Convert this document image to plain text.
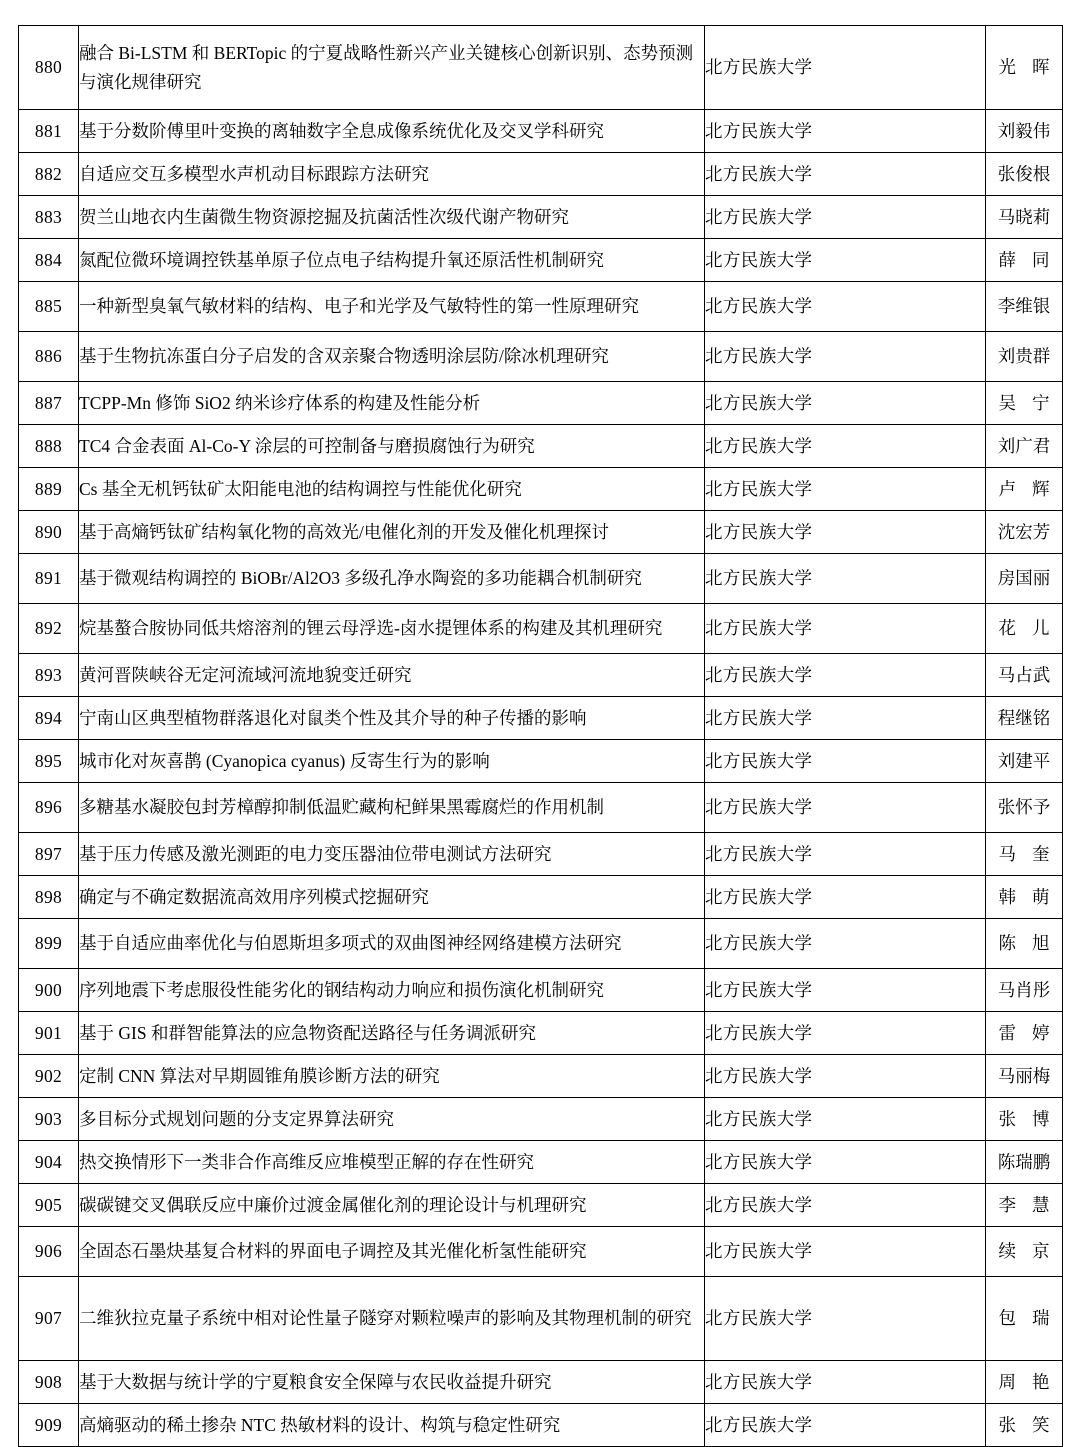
880	融合 Bi-LSTM 和 BERTopic 的宁夏战略性新兴产业关键核心创新识别、态势预测与演化规律研究	北方民族大学	光 晖
881	基于分数阶傅里叶变换的离轴数字全息成像系统优化及交叉学科研究	北方民族大学	刘毅伟
882	自适应交互多模型水声机动目标跟踪方法研究	北方民族大学	张俊根
883	贺兰山地衣内生菌微生物资源挖掘及抗菌活性次级代谢产物研究	北方民族大学	马晓莉
884	氮配位微环境调控铁基单原子位点电子结构提升氧还原活性机制研究	北方民族大学	薛 同
885	一种新型臭氧气敏材料的结构、电子和光学及气敏特性的第一性原理研究	北方民族大学	李维银
886	基于生物抗冻蛋白分子启发的含双亲聚合物透明涂层防/除冰机理研究	北方民族大学	刘贵群
887	TCPP-Mn 修饰 SiO2 纳米诊疗体系的构建及性能分析	北方民族大学	吴 宁
888	TC4 合金表面 Al-Co-Y 涂层的可控制备与磨损腐蚀行为研究	北方民族大学	刘广君
889	Cs 基全无机钙钛矿太阳能电池的结构调控与性能优化研究	北方民族大学	卢 辉
890	基于高熵钙钛矿结构氧化物的高效光/电催化剂的开发及催化机理探讨	北方民族大学	沈宏芳
891	基于微观结构调控的 BiOBr/Al2O3 多级孔净水陶瓷的多功能耦合机制研究	北方民族大学	房国丽
892	烷基螯合胺协同低共熔溶剂的锂云母浮选-卤水提锂体系的构建及其机理研究	北方民族大学	花 儿
893	黄河晋陕峡谷无定河流域河流地貌变迁研究	北方民族大学	马占武
894	宁南山区典型植物群落退化对鼠类个性及其介导的种子传播的影响	北方民族大学	程继铭
895	城市化对灰喜鹊 (Cyanopica cyanus) 反寄生行为的影响	北方民族大学	刘建平
896	多糖基水凝胶包封芳樟醇抑制低温贮藏枸杞鲜果黑霉腐烂的作用机制	北方民族大学	张怀予
897	基于压力传感及激光测距的电力变压器油位带电测试方法研究	北方民族大学	马 奎
898	确定与不确定数据流高效用序列模式挖掘研究	北方民族大学	韩 萌
899	基于自适应曲率优化与伯恩斯坦多项式的双曲图神经网络建模方法研究	北方民族大学	陈 旭
900	序列地震下考虑服役性能劣化的钢结构动力响应和损伤演化机制研究	北方民族大学	马肖彤
901	基于 GIS 和群智能算法的应急物资配送路径与任务调派研究	北方民族大学	雷 婷
902	定制 CNN 算法对早期圆锥角膜诊断方法的研究	北方民族大学	马丽梅
903	多目标分式规划问题的分支定界算法研究	北方民族大学	张 博
904	热交换情形下一类非合作高维反应堆模型正解的存在性研究	北方民族大学	陈瑞鹏
905	碳碳键交叉偶联反应中廉价过渡金属催化剂的理论设计与机理研究	北方民族大学	李 慧
906	全固态石墨炔基复合材料的界面电子调控及其光催化析氢性能研究	北方民族大学	续 京
907	二维狄拉克量子系统中相对论性量子隧穿对颗粒噪声的影响及其物理机制的研究	北方民族大学	包 瑞
908	基于大数据与统计学的宁夏粮食安全保障与农民收益提升研究	北方民族大学	周 艳
909	高熵驱动的稀土掺杂 NTC 热敏材料的设计、构筑与稳定性研究	北方民族大学	张 笑
